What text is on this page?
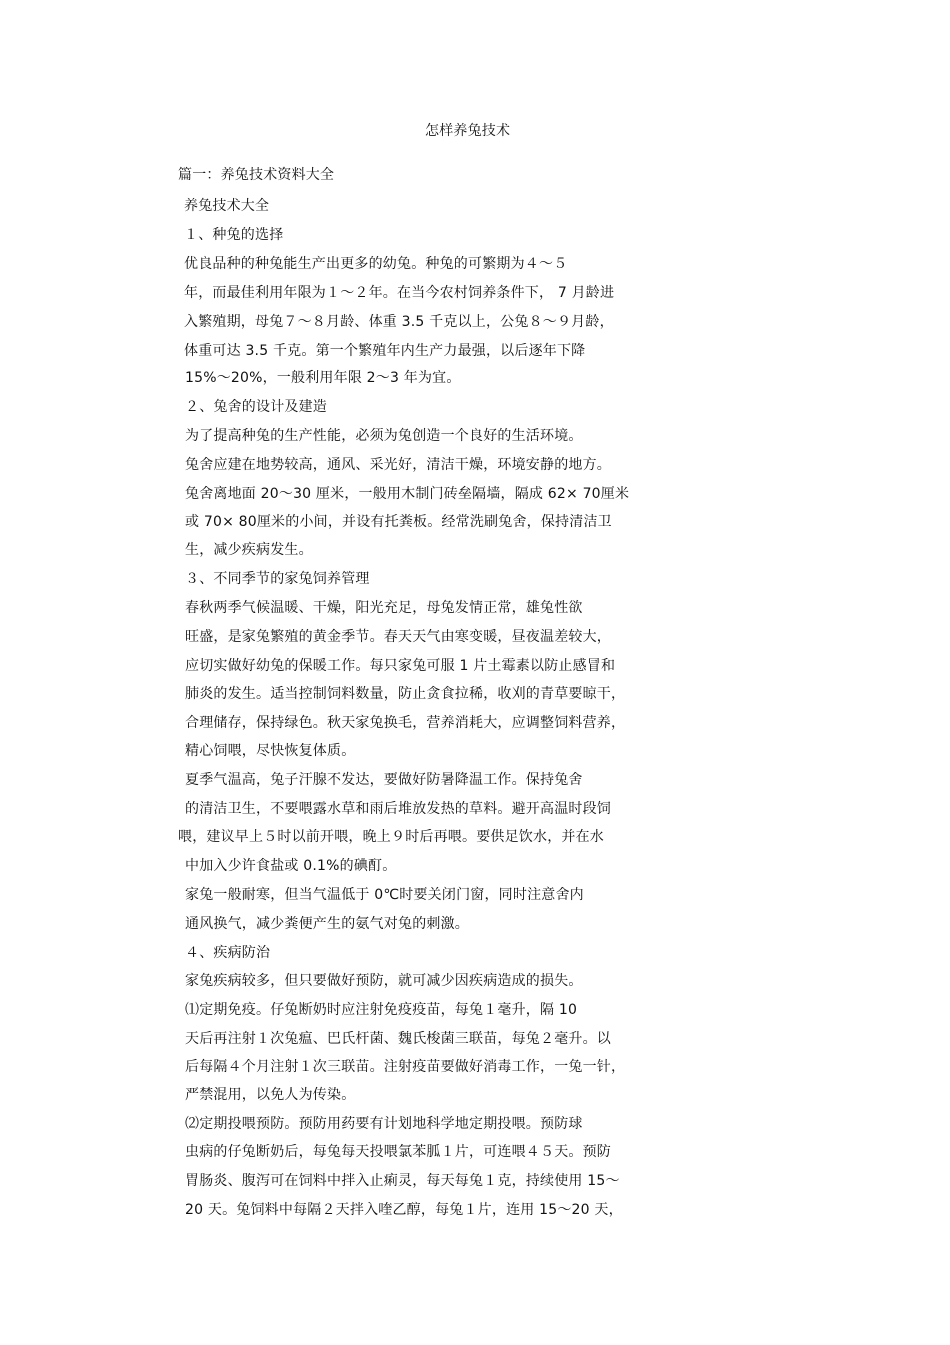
怎样养兔技术
篇一：养兔技术资料大全
养兔技术大全
１、种兔的选择
优良品种的种兔能生产出更多的幼兔。种兔的可繁期为４～５
年，而最佳利用年限为１～２年。在当今农村饲养条件下， 7 月龄进
入繁殖期，母兔７～８月龄、体重 3.5 千克以上，公兔８～９月龄，
体重可达 3.5 千克。第一个繁殖年内生产力最强，以后逐年下降
15%～20%，一般利用年限 2～3 年为宜。
２、兔舍的设计及建造
为了提高种兔的生产性能，必须为兔创造一个良好的生活环境。
兔舍应建在地势较高，通风、采光好，清洁干燥，环境安静的地方。
兔舍离地面 20～30 厘米，一般用木制门砖垒隔墙，隔成 62× 70厘米
或 70× 80厘米的小间，并设有托粪板。经常洗刷兔舍，保持清洁卫
生，减少疾病发生。
３、不同季节的家兔饲养管理
春秋两季气候温暖、干燥，阳光充足，母兔发情正常，雄兔性欲
旺盛，是家兔繁殖的黄金季节。春天天气由寒变暖，昼夜温差较大，
应切实做好幼兔的保暖工作。每只家兔可服 1 片土霉素以防止感冒和
肺炎的发生。适当控制饲料数量，防止贪食拉稀，收刈的青草要晾干，
合理储存，保持绿色。秋天家兔换毛，营养消耗大，应调整饲料营养，
精心饲喂，尽快恢复体质。
夏季气温高，兔子汗腺不发达，要做好防暑降温工作。保持兔舍
的清洁卫生，不要喂露水草和雨后堆放发热的草料。避开高温时段饲
喂，建议早上５时以前开喂，晚上９时后再喂。要供足饮水，并在水
中加入少许食盐或 0.1%的碘酊。
家兔一般耐寒，但当气温低于 0℃时要关闭门窗，同时注意舍内
通风换气，减少粪便产生的氨气对兔的刺激。
４、疾病防治
家兔疾病较多，但只要做好预防，就可减少因疾病造成的损失。
⑴定期免疫。仔兔断奶时应注射免疫疫苗，每兔１毫升，隔 10
天后再注射１次兔瘟、巴氏杆菌、魏氏梭菌三联苗，每兔２毫升。以
后每隔４个月注射１次三联苗。注射疫苗要做好消毒工作，一兔一针，
严禁混用，以免人为传染。
⑵定期投喂预防。预防用药要有计划地科学地定期投喂。预防球
虫病的仔兔断奶后，每兔每天投喂氯苯胍１片，可连喂４５天。预防
胃肠炎、腹泻可在饲料中拌入止痢灵，每天每兔１克，持续使用 15～
20 天。兔饲料中每隔２天拌入喹乙醇，每兔１片，连用 15～20 天，
